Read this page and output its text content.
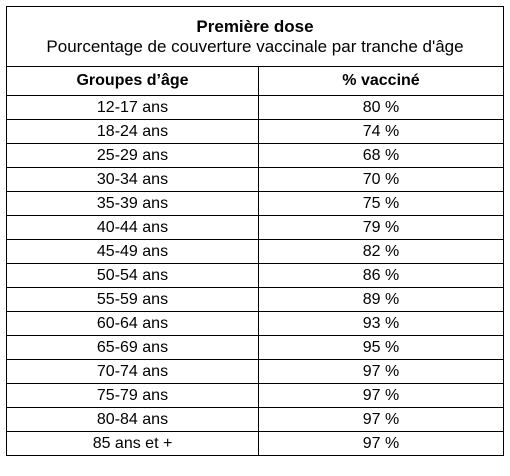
Première dose
Pourcentage de couverture vaccinale par tranche d'âge	

Groupes d’âge	% vacciné
12-17 ans	80 %
18-24 ans	74 %
25-29 ans	68 %
30-34 ans	70 %
35-39 ans	75 %
40-44 ans	79 %
45-49 ans	82 %
50-54 ans	86 %
55-59 ans	89 %
60-64 ans	93 %
65-69 ans	95 %
70-74 ans	97 %
75-79 ans	97 %
80-84 ans	97 %
85 ans et +	97 %
